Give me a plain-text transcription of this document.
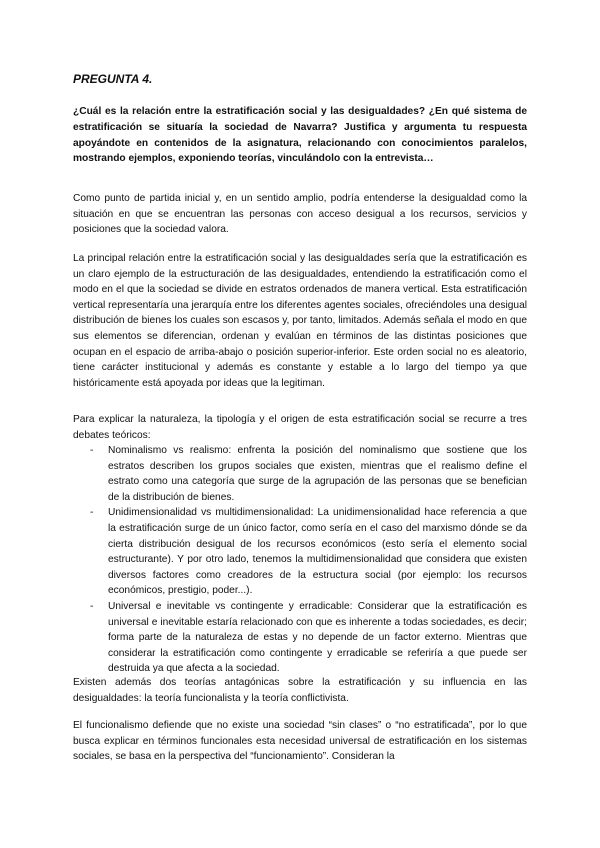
PREGUNTA 4.

¿Cuál es la relación entre la estratificación social y las desigualdades? ¿En qué sistema de estratificación se situaría la sociedad de Navarra? Justifica y argumenta tu respuesta apoyándote en contenidos de la asignatura, relacionando con conocimientos paralelos, mostrando ejemplos, exponiendo teorías, vinculándolo con la entrevista…

Como punto de partida inicial y, en un sentido amplio, podría entenderse la desigualdad como la situación en que se encuentran las personas con acceso desigual a los recursos, servicios y posiciones que la sociedad valora.

La principal relación entre la estratificación social y las desigualdades sería que la estratificación es un claro ejemplo de la estructuración de las desigualdades, entendiendo la estratificación como el modo en el que la sociedad se divide en estratos ordenados de manera vertical. Esta estratificación vertical representaría una jerarquía entre los diferentes agentes sociales, ofreciéndoles una desigual distribución de bienes los cuales son escasos y, por tanto, limitados. Además señala el modo en que sus elementos se diferencian, ordenan y evalúan en términos de las distintas posiciones que ocupan en el espacio de arriba-abajo o posición superior-inferior. Este orden social no es aleatorio, tiene carácter institucional y además es constante y estable a lo largo del tiempo ya que históricamente está apoyada por ideas que la legitiman.

Para explicar la naturaleza, la tipología y el origen de esta estratificación social se recurre a tres debates teóricos:

- Nominalismo vs realismo: enfrenta la posición del nominalismo que sostiene que los estratos describen los grupos sociales que existen, mientras que el realismo define el estrato como una categoría que surge de la agrupación de las personas que se benefician de la distribución de bienes.
- Unidimensionalidad vs multidimensionalidad: La unidimensionalidad hace referencia a que la estratificación surge de un único factor, como sería en el caso del marxismo dónde se da cierta distribución desigual de los recursos económicos (esto sería el elemento social estructurante). Y por otro lado, tenemos la multidimensionalidad que considera que existen diversos factores como creadores de la estructura social (por ejemplo: los recursos económicos, prestigio, poder...).
- Universal e inevitable vs contingente y erradicable: Considerar que la estratificación es universal e inevitable estaría relacionado con que es inherente a todas sociedades, es decir; forma parte de la naturaleza de estas y no depende de un factor externo. Mientras que considerar la estratificación como contingente y erradicable se referiría a que puede ser destruida ya que afecta a la sociedad.

Existen además dos teorías antagónicas sobre la estratificación y su influencia en las desigualdades: la teoría funcionalista y la teoría conflictivista.

El funcionalismo defiende que no existe una sociedad “sin clases” o “no estratificada”, por lo que busca explicar en términos funcionales esta necesidad universal de estratificación en los sistemas sociales, se basa en la perspectiva del “funcionamiento”. Consideran la
